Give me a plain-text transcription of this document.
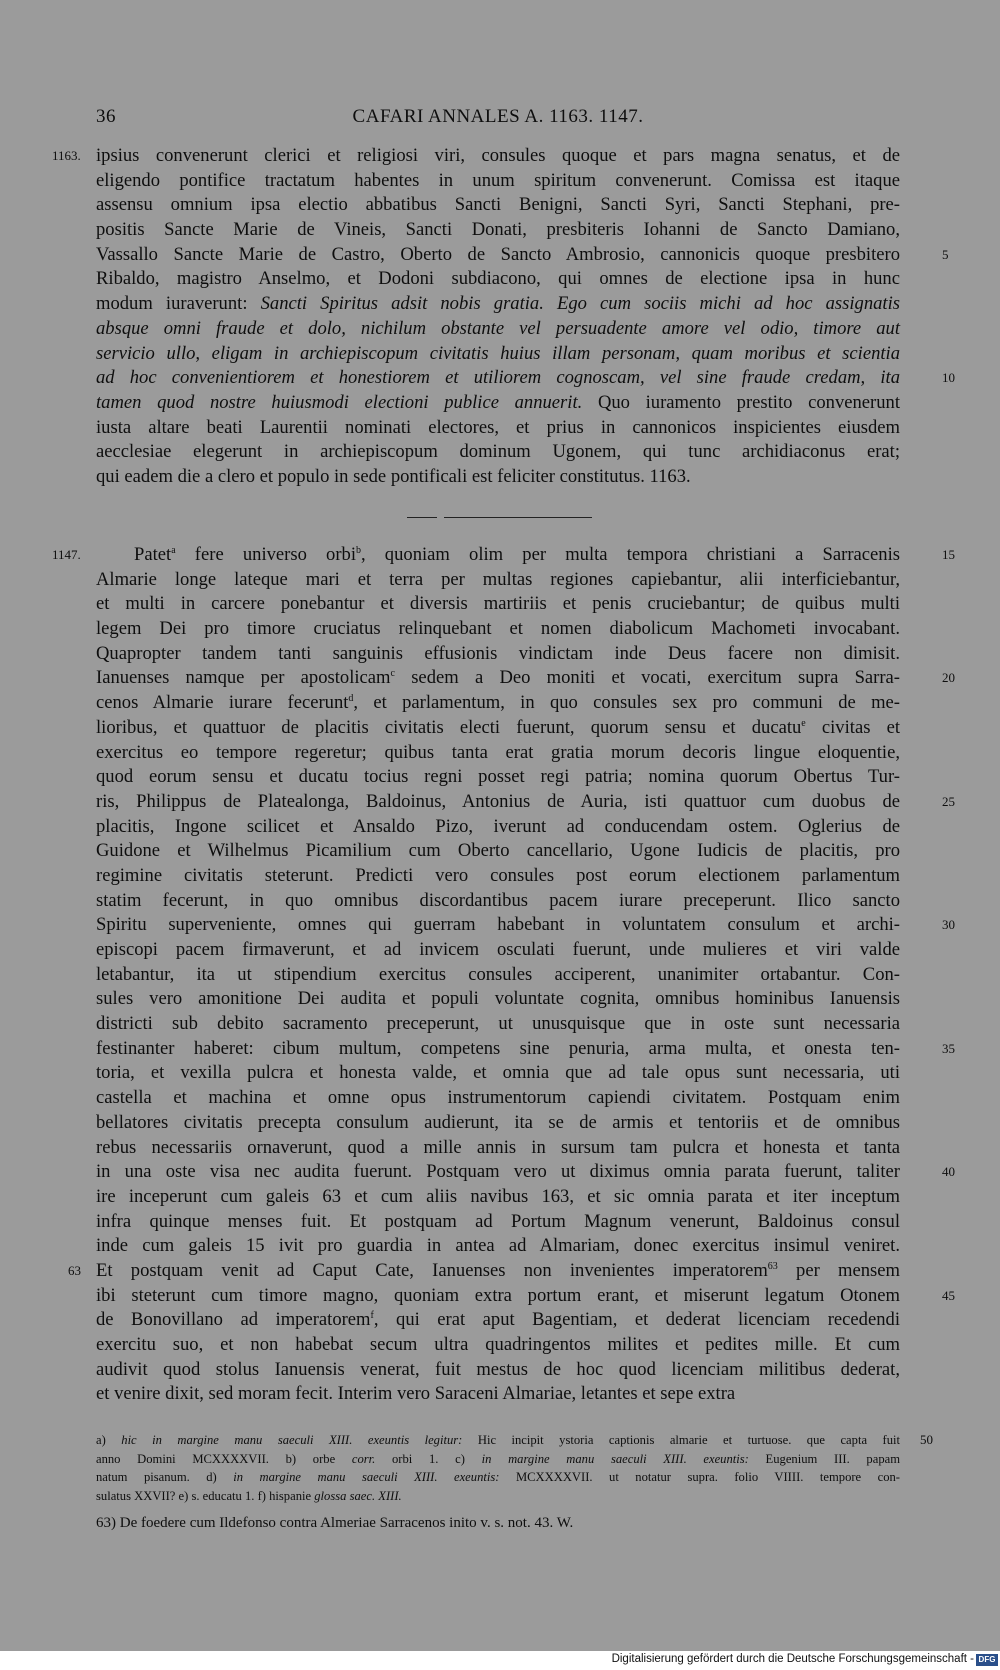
36	CAFARI ANNALES A. 1163. 1147.
ipsius convenerunt clerici et religiosi viri, consules quoque et pars magna senatus, et de
1163.
eligendo pontifice tractatum habentes in unum spiritum convenerunt. Comissa est itaque
assensu omnium ipsa electio abbatibus Sancti Benigni, Sancti Syri, Sancti Stephani, pre-
positis Sancte Marie de Vineis, Sancti Donati, presbiteris Iohanni de Sancto Damiano,
Vassallo Sancte Marie de Castro, Oberto de Sancto Ambrosio, cannonicis quoque presbitero	5
Ribaldo, magistro Anselmo, et Dodoni subdiacono, qui omnes de electione ipsa in hunc
modum iuraverunt: Sancti Spiritus adsit nobis gratia. Ego cum sociis michi ad hoc assignatis
absque omni fraude et dolo, nichilum obstante vel persuadente amore vel odio, timore aut
servicio ullo, eligam in archiepiscopum civitatis huius illam personam, quam moribus et scientia
ad hoc convenientiorem et honestiorem et utiliorem cognoscam, vel sine fraude credam, ita	10
tamen quod nostre huiusmodi electioni publice annuerit. Quo iuramento prestito convenerunt
iusta altare beati Laurentii nominati electores, et prius in cannonicos inspicientes eiusdem
aecclesiae elegerunt in archiepiscopum dominum Ugonem, qui tunc archidiaconus erat;
qui eadem die a clero et populo in sede pontificali est feliciter constitutus. 1163.
Patet$^a$ fere universo orbi$^b$, quoniam olim per multa tempora christiani a Sarracenis
1147.	15
Almarie longe lateque mari et terra per multas regiones capiebantur, alii interficiebantur,
et multi in carcere ponebantur et diversis martiriis et penis cruciebantur; de quibus multi
legem Dei pro timore cruciatus relinquebant et nomen diabolicum Machometi invocabant.
Quapropter tandem tanti sanguinis effusionis vindictam inde Deus facere non dimisit.
Ianuenses namque per apostolicam$^c$ sedem a Deo moniti et vocati, exercitum supra Sarra-	20
cenos Almarie iurare fecerunt$^d$, et parlamentum, in quo consules sex pro communi de me-
lioribus, et quattuor de placitis civitatis electi fuerunt, quorum sensu et ducatu$^e$ civitas et
exercitus eo tempore regeretur; quibus tanta erat gratia morum decoris lingue eloquentie,
quod eorum sensu et ducatu tocius regni posset regi patria; nomina quorum Obertus Tur-
ris, Philippus de Platealonga, Baldoinus, Antonius de Auria, isti quattuor cum duobus de	25
placitis, Ingone scilicet et Ansaldo Pizo, iverunt ad conducendam ostem. Oglerius de
Guidone et Wilhelmus Picamilium cum Oberto cancellario, Ugone Iudicis de placitis, pro
regimine civitatis steterunt. Predicti vero consules post eorum electionem parlamentum
statim fecerunt, in quo omnibus discordantibus pacem iurare preceperunt. Ilico sancto
Spiritu superveniente, omnes qui guerram habebant in voluntatem consulum et archi-	30
episcopi pacem firmaverunt, et ad invicem osculati fuerunt, unde mulieres et viri valde
letabantur, ita ut stipendium exercitus consules acciperent, unanimiter ortabantur. Con-
sules vero amonitione Dei audita et populi voluntate cognita, omnibus hominibus Ianuensis
districti sub debito sacramento preceperunt, ut unusquisque que in oste sunt necessaria
festinanter haberet: cibum multum, competens sine penuria, arma multa, et onesta ten-	35
toria, et vexilla pulcra et honesta valde, et omnia que ad tale opus sunt necessaria, uti
castella et machina et omne opus instrumentorum capiendi civitatem. Postquam enim
bellatores civitatis precepta consulum audierunt, ita se de armis et tentoriis et de omnibus
rebus necessariis ornaverunt, quod a mille annis in sursum tam pulcra et honesta et tanta
in una oste visa nec audita fuerunt. Postquam vero ut diximus omnia parata fuerunt, taliter	40
ire inceperunt cum galeis 63 et cum aliis navibus 163, et sic omnia parata et iter inceptum
infra quinque menses fuit. Et postquam ad Portum Magnum venerunt, Baldoinus consul
inde cum galeis 15 ivit pro guardia in antea ad Almariam, donec exercitus insimul veniret.
Et postquam venit ad Caput Cate, Ianuenses non invenientes imperatorem$^{63}$ per mensem
63
ibi steterunt cum timore magno, quoniam extra portum erant, et miserunt legatum Otonem	45
de Bonovillano ad imperatorem$^f$, qui erat aput Bagentiam, et dederat licenciam recedendi
exercitu suo, et non habebat secum ultra quadringentos milites et pedites mille. Et cum
audivit quod stolus Ianuensis venerat, fuit mestus de hoc quod licenciam militibus dederat,
et venire dixit, sed moram fecit. Interim vero Saraceni Almariae, letantes et sepe extra
a) hic in margine manu saeculi XIII. exeuntis legitur: Hic incipit ystoria captionis almarie et turtuose. que capta fuit 50
anno Domini MCXXXXVII. b) orbe corr. orbi 1. c) in margine manu saeculi XIII. exeuntis: Eugenium III. papam
natum pisanum. d) in margine manu saeculi XIII. exeuntis: MCXXXXVII. ut notatur supra. folio VIIII. tempore con-
sulatus XXVII? e) s. educatu 1. f) hispanie glossa saec. XIII.
63) De foedere cum Ildefonso contra Almeriae Sarracenos inito v. s. not. 43. W.
Digitalisierung gefördert durch die Deutsche Forschungsgemeinschaft - DFG
